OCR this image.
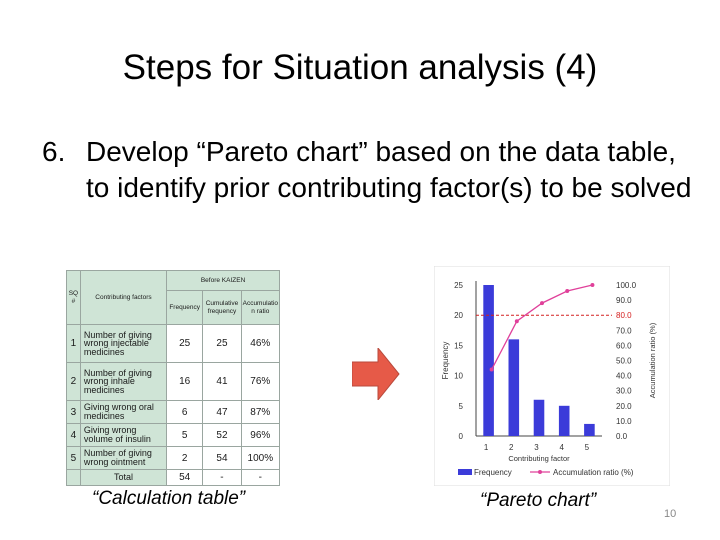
Steps for Situation analysis (4)
6. Develop “Pareto chart” based on the data table, to identify prior contributing factor(s) to be solved
SQ #	Contributing factors	Before KAIZEN		
		Frequency	Cumulative frequency	Accumulatio n ratio
1	Number of giving wrong injectable medicines	25	25	46%
2	Number of giving wrong inhale medicines	16	41	76%
3	Giving wrong oral medicines	6	47	87%
4	Giving wrong volume of insulin	5	52	96%
5	Number of giving wrong ointment	2	54	100%
	Total	54	-	-
0
5
10
15
20
25
0.0
10.0
20.0
30.0
40.0
50.0
60.0
70.0
80.0
90.0
100.0
1	2	3	4	5
Contributing factor
Frequency	Accumulation ratio (%)
Frequency	Accumulation ratio (%)
“Calculation table”	“Pareto chart”
10
